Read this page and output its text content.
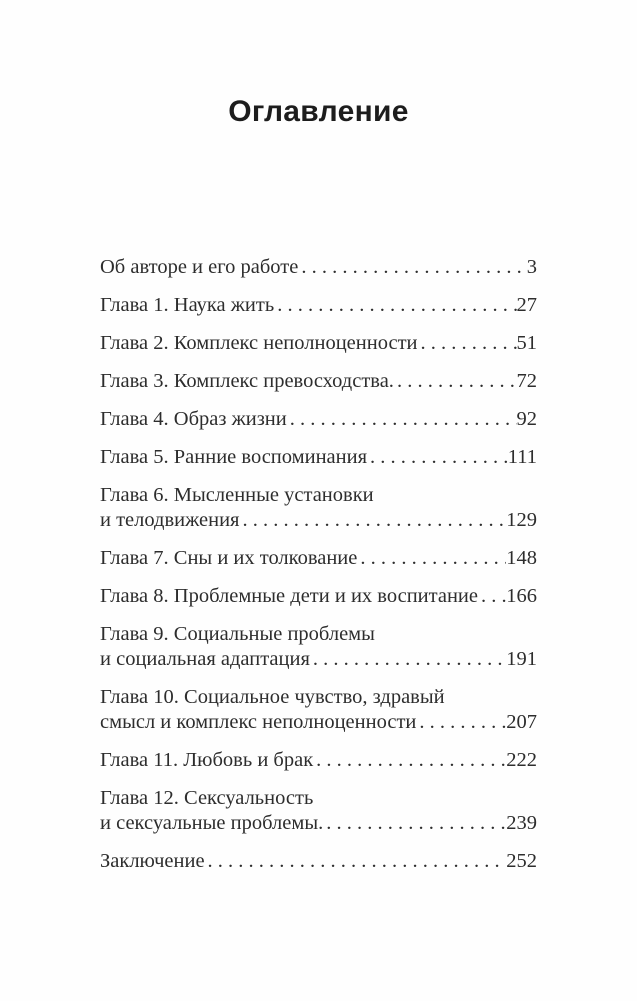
Оглавление
Об авторе и его работе . . .	3
Глава 1. Наука жить . . .	27
Глава 2. Комплекс неполноценности . . .	51
Глава 3. Комплекс превосходства. . . .	72
Глава 4. Образ жизни . . .	92
Глава 5. Ранние воспоминания . . .	111
Глава 6. Мысленные установки
и телодвижения . . .	129
Глава 7. Сны и их толкование . . .	148
Глава 8. Проблемные дети и их воспитание . . . 166
Глава 9. Социальные проблемы
и социальная адаптация . . .	191
Глава 10. Социальное чувство, здравый
смысл и комплекс неполноценности . . .	207
Глава 11. Любовь и брак . . .	222
Глава 12. Сексуальность
и сексуальные проблемы. . . .	239
Заключение . . .	252
